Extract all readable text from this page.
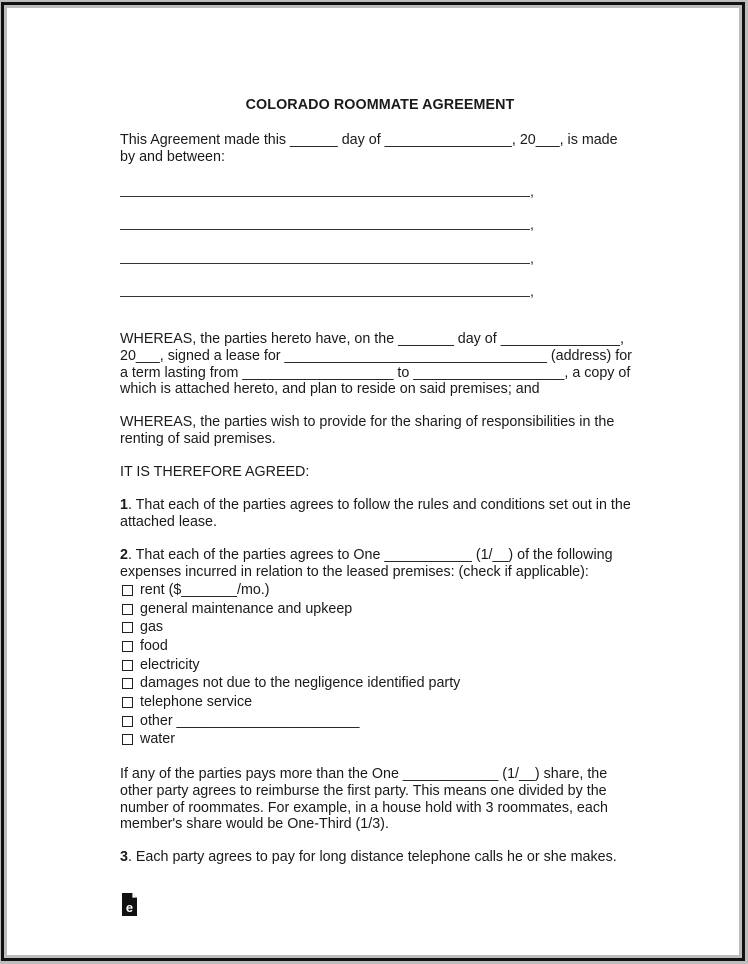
COLORADO ROOMMATE AGREEMENT
This Agreement made this ______ day of ________________, 20___, is made
by and between:
,
,
,
,
WHEREAS, the parties hereto have, on the _______ day of _______________,
20___, signed a lease for _________________________________ (address) for
a term lasting from ___________________ to ___________________, a copy of
which is attached hereto, and plan to reside on said premises; and
WHEREAS, the parties wish to provide for the sharing of responsibilities in the
renting of said premises.
IT IS THEREFORE AGREED:
1. That each of the parties agrees to follow the rules and conditions set out in the
attached lease.
2. That each of the parties agrees to One ___________ (1/__) of the following
expenses incurred in relation to the leased premises: (check if applicable):
rent ($_______/mo.)
general maintenance and upkeep
gas
food
electricity
damages not due to the negligence identified party
telephone service
other _______________________
water
If any of the parties pays more than the One ____________ (1/__) share, the
other party agrees to reimburse the first party. This means one divided by the
number of roommates. For example, in a house hold with 3 roommates, each
member's share would be One-Third (1/3).
3. Each party agrees to pay for long distance telephone calls he or she makes.
e
